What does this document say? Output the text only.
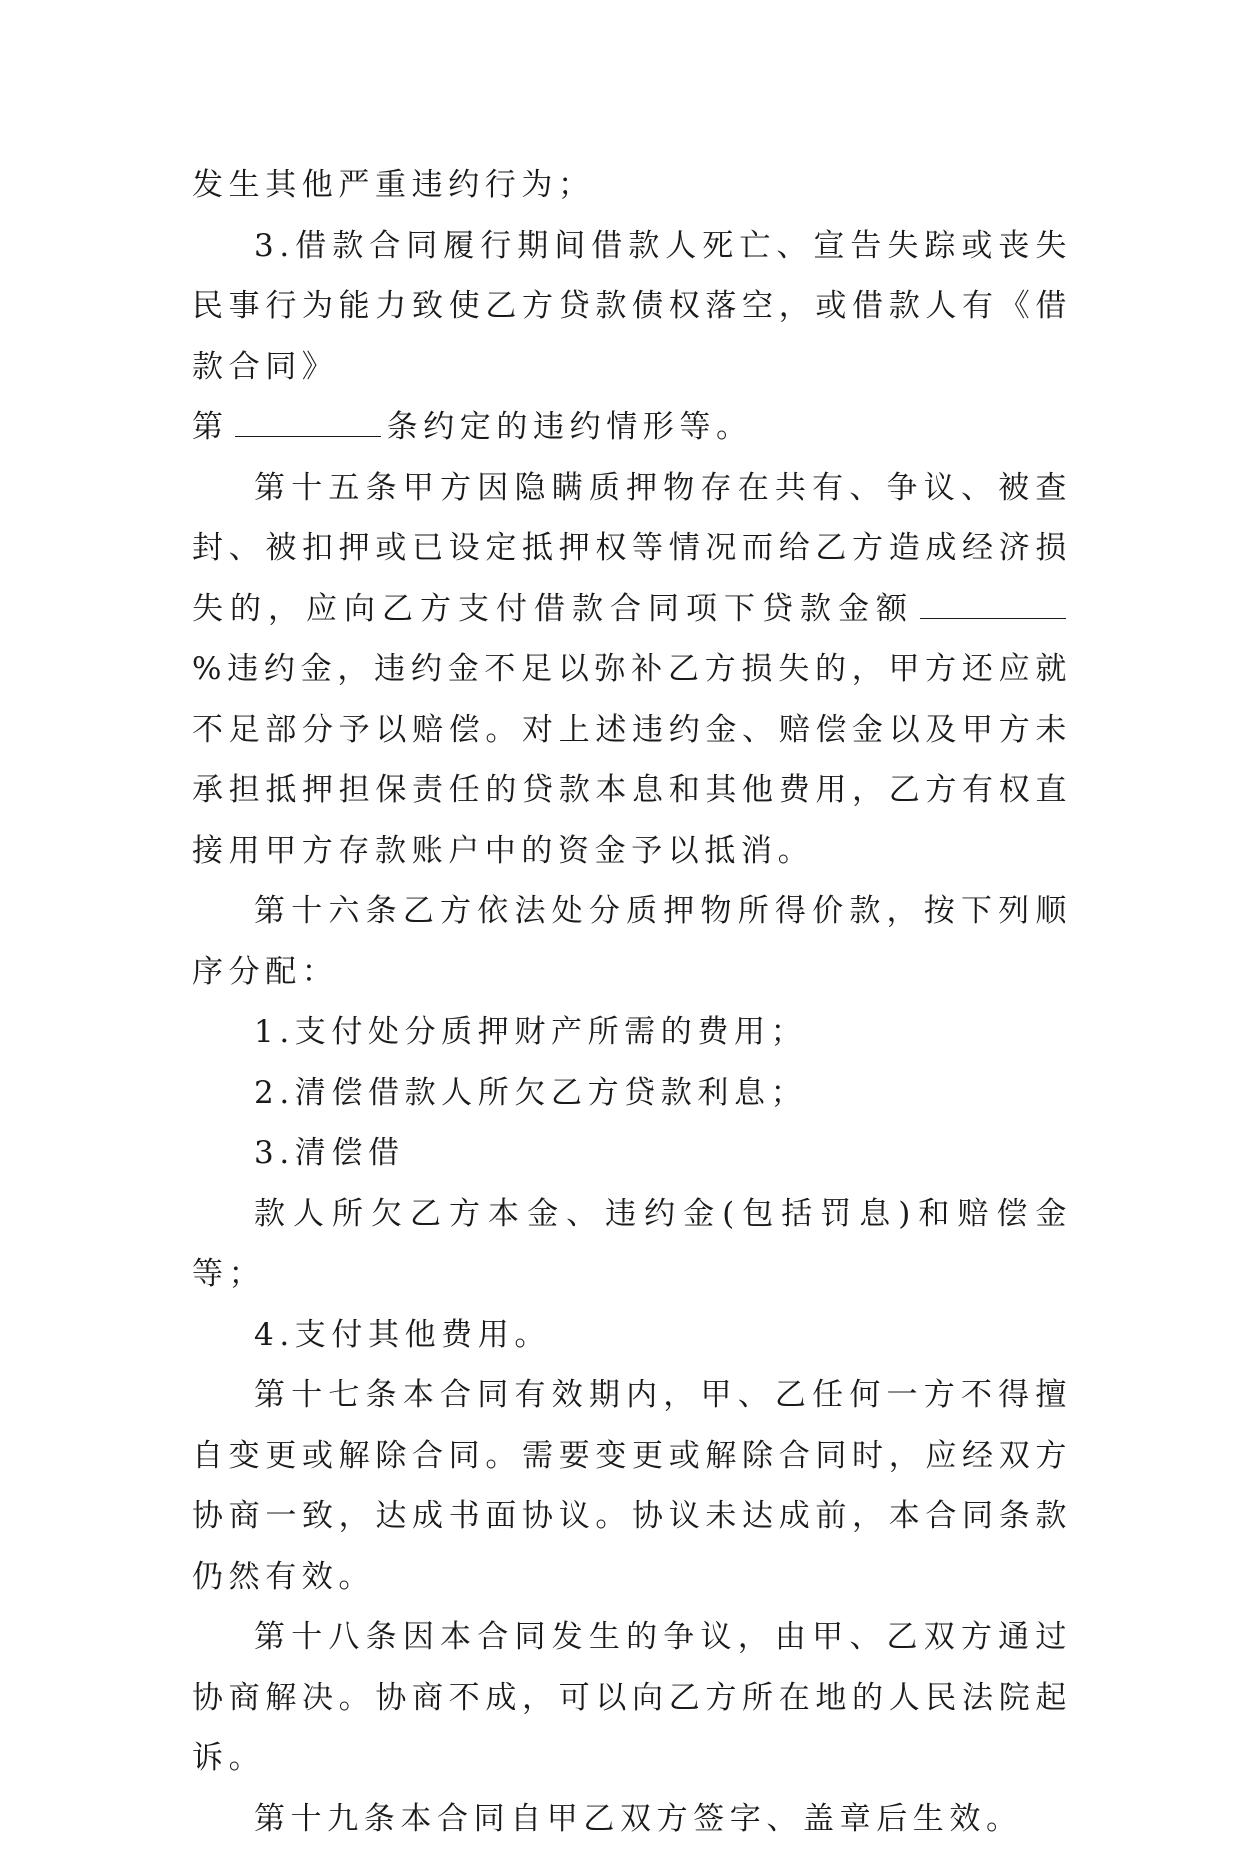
发生其他严重违约行为；

3.借款合同履行期间借款人死亡、宣告失踪或丧失民事行为能力致使乙方贷款债权落空，或借款人有《借款合同》
第	条约定的违约情形等。

第十五条甲方因隐瞒质押物存在共有、争议、被查封、被扣押或已设定抵押权等情况而给乙方造成经济损失的，应向乙方支付借款合同项下贷款金额%违约金，违约金不足以弥补乙方损失的，甲方还应就不足部分予以赔偿。对上述违约金、赔偿金以及甲方未承担抵押担保责任的贷款本息和其他费用，乙方有权直接用甲方存款账户中的资金予以抵消。

第十六条乙方依法处分质押物所得价款，按下列顺序分配：

1.支付处分质押财产所需的费用；

2.清偿借款人所欠乙方贷款利息；

3.清偿借

款人所欠乙方本金、违约金(包括罚息)和赔偿金等；

4.支付其他费用。

第十七条本合同有效期内，甲、乙任何一方不得擅自变更或解除合同。需要变更或解除合同时，应经双方协商一致，达成书面协议。协议未达成前，本合同条款仍然有效。

第十八条因本合同发生的争议，由甲、乙双方通过协商解决。协商不成，可以向乙方所在地的人民法院起诉。

第十九条本合同自甲乙双方签字、盖章后生效。
